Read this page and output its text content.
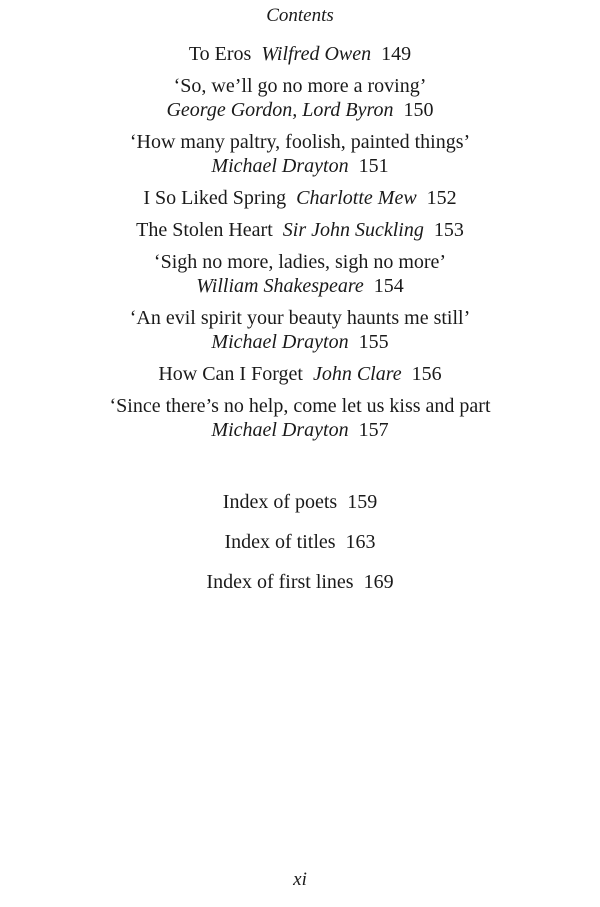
Contents
To Eros Wilfred Owen 149
‘So, we’ll go no more a roving’
George Gordon, Lord Byron 150
‘How many paltry, foolish, painted things’
Michael Drayton 151
I So Liked Spring Charlotte Mew 152
The Stolen Heart Sir John Suckling 153
‘Sigh no more, ladies, sigh no more’
William Shakespeare 154
‘An evil spirit your beauty haunts me still’
Michael Drayton 155
How Can I Forget John Clare 156
‘Since there’s no help, come let us kiss and part
Michael Drayton 157
Index of poets 159
Index of titles 163
Index of first lines 169
xi
